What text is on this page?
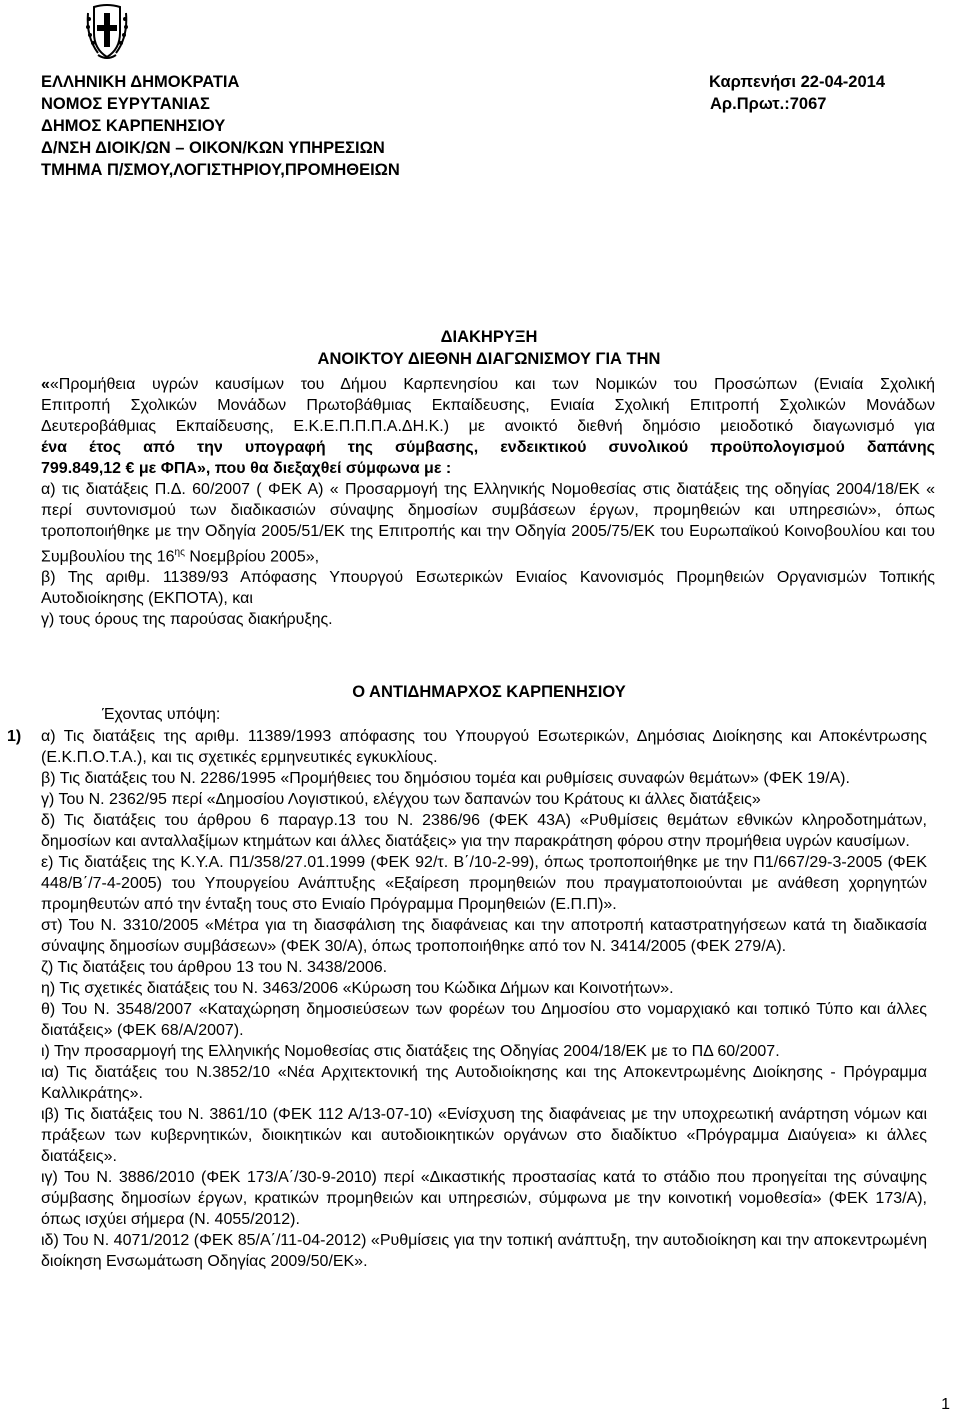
ΕΛΛΗΝΙΚΗ ΔΗΜΟΚΡΑΤΙΑ
ΝΟΜΟΣ ΕΥΡΥΤΑΝΙΑΣ
ΔΗΜΟΣ ΚΑΡΠΕΝΗΣΙΟΥ
Δ/ΝΣΗ ΔΙΟΙΚ/ΩΝ – ΟΙΚΟΝ/ΚΩΝ ΥΠΗΡΕΣΙΩΝ
ΤΜΗΜΑ Π/ΣΜΟΥ,ΛΟΓΙΣΤΗΡΙΟΥ,ΠΡΟΜΗΘΕΙΩΝ
Καρπενήσι 22-04-2014
Αρ.Πρωτ.:7067
ΔΙΑΚΗΡΥΞΗ
ΑΝΟΙΚΤΟΥ ΔΙΕΘΝΗ ΔΙΑΓΩΝΙΣΜΟΥ ΓΙΑ ΤΗΝ
««Προμήθεια υγρών καυσίμων του Δήμου Καρπενησίου και των Νομικών του Προσώπων (Ενιαία Σχολική
Επιτροπή Σχολικών Μονάδων Πρωτοβάθμιας Εκπαίδευσης, Ενιαία Σχολική Επιτροπή Σχολικών Μονάδων
Δευτεροβάθμιας Εκπαίδευσης, Ε.Κ.Ε.Π.Π.Π.Α.ΔΗ.Κ.) με ανοικτό διεθνή δημόσιο μειοδοτικό διαγωνισμό για
ένα έτος από την υπογραφή της σύμβασης, ενδεικτικού συνολικού προϋπολογισμού δαπάνης
799.849,12 € με ΦΠΑ», που θα διεξαχθεί σύμφωνα με :

α) τις διατάξεις Π.Δ. 60/2007 ( ΦΕΚ Α) « Προσαρμογή της Ελληνικής Νομοθεσίας στις διατάξεις της οδηγίας 2004/18/ΕΚ « περί συντονισμού των διαδικασιών σύναψης δημοσίων συμβάσεων έργων, προμηθειών και υπηρεσιών», όπως τροποποιήθηκε με την Οδηγία 2005/51/ΕΚ της Επιτροπής και την Οδηγία 2005/75/ΕΚ του Ευρωπαϊκού Κοινοβουλίου και του Συμβουλίου της $16^{\eta\varsigma}$ Νοεμβρίου 2005»,

β) Της αριθμ. 11389/93 Απόφασης Υπουργού Εσωτερικών Ενιαίος Κανονισμός Προμηθειών Οργανισμών Τοπικής Αυτοδιοίκησης (ΕΚΠΟΤΑ), και

γ) τους όρους της παρούσας διακήρυξης.

Ο ΑΝΤΙΔΗΜΑΡΧΟΣ ΚΑΡΠΕΝΗΣΙΟΥ
Έχοντας υπόψη:
1)	α) Τις διατάξεις της αριθμ. 11389/1993 απόφασης του Υπουργού Εσωτερικών, Δημόσιας Διοίκησης και Αποκέντρωσης (Ε.Κ.Π.Ο.Τ.Α.), και τις σχετικές ερμηνευτικές εγκυκλίους.
β) Τις διατάξεις του Ν. 2286/1995 «Προμήθειες του δημόσιου τομέα και ρυθμίσεις συναφών θεμάτων» (ΦΕΚ 19/Α).
γ) Του Ν. 2362/95 περί «Δημοσίου Λογιστικού, ελέγχου των δαπανών του Κράτους κι άλλες διατάξεις»
δ) Τις διατάξεις του άρθρου 6 παραγρ.13 του Ν. 2386/96 (ΦΕΚ 43Α) «Ρυθμίσεις θεμάτων εθνικών κληροδοτημάτων, δημοσίων και ανταλλαξίμων κτημάτων και άλλες διατάξεις» για την παρακράτηση φόρου στην προμήθεια υγρών καυσίμων.
ε) Τις διατάξεις της Κ.Υ.Α. Π1/358/27.01.1999 (ΦΕΚ 92/τ. Β΄/10-2-99), όπως τροποποιήθηκε με την Π1/667/29-3-2005 (ΦΕΚ 448/Β΄/7-4-2005) του Υπουργείου Ανάπτυξης «Εξαίρεση προμηθειών που πραγματοποιούνται με ανάθεση χορηγητών προμηθευτών από την ένταξη τους στο Ενιαίο Πρόγραμμα Προμηθειών (Ε.Π.Π)».
στ) Του Ν. 3310/2005 «Μέτρα για τη διασφάλιση της διαφάνειας και την αποτροπή καταστρατηγήσεων κατά τη διαδικασία σύναψης δημοσίων συμβάσεων» (ΦΕΚ 30/Α), όπως τροποποιήθηκε από τον Ν. 3414/2005 (ΦΕΚ 279/Α).
ζ) Τις διατάξεις του άρθρου 13 του Ν. 3438/2006.
η) Τις σχετικές διατάξεις του Ν. 3463/2006 «Κύρωση του Κώδικα Δήμων και Κοινοτήτων».
θ) Του Ν. 3548/2007 «Καταχώρηση δημοσιεύσεων των φορέων του Δημοσίου στο νομαρχιακό και τοπικό Τύπο και άλλες διατάξεις» (ΦΕΚ 68/Α/2007).
ι) Την προσαρμογή της Ελληνικής Νομοθεσίας στις διατάξεις της Οδηγίας 2004/18/ΕΚ με το ΠΔ 60/2007.
ια) Τις διατάξεις του Ν.3852/10 «Νέα Αρχιτεκτονική της Αυτοδιοίκησης και της Αποκεντρωμένης Διοίκησης - Πρόγραμμα Καλλικράτης».
ιβ) Τις διατάξεις του Ν. 3861/10 (ΦΕΚ 112 Α/13-07-10) «Ενίσχυση της διαφάνειας με την υποχρεωτική ανάρτηση νόμων και πράξεων των κυβερνητικών, διοικητικών και αυτοδιοικητικών οργάνων στο διαδίκτυο «Πρόγραμμα Διαύγεια» κι άλλες διατάξεις».
ιγ) Του Ν. 3886/2010 (ΦΕΚ 173/Α΄/30-9-2010) περί «Δικαστικής προστασίας κατά το στάδιο που προηγείται της σύναψης σύμβασης δημοσίων έργων, κρατικών προμηθειών και υπηρεσιών, σύμφωνα με την κοινοτική νομοθεσία» (ΦΕΚ 173/Α), όπως ισχύει σήμερα (Ν. 4055/2012).
ιδ) Του Ν. 4071/2012 (ΦΕΚ 85/Α΄/11-04-2012) «Ρυθμίσεις για την τοπική ανάπτυξη, την αυτοδιοίκηση και την αποκεντρωμένη διοίκηση Ενσωμάτωση Οδηγίας 2009/50/ΕΚ».
1
